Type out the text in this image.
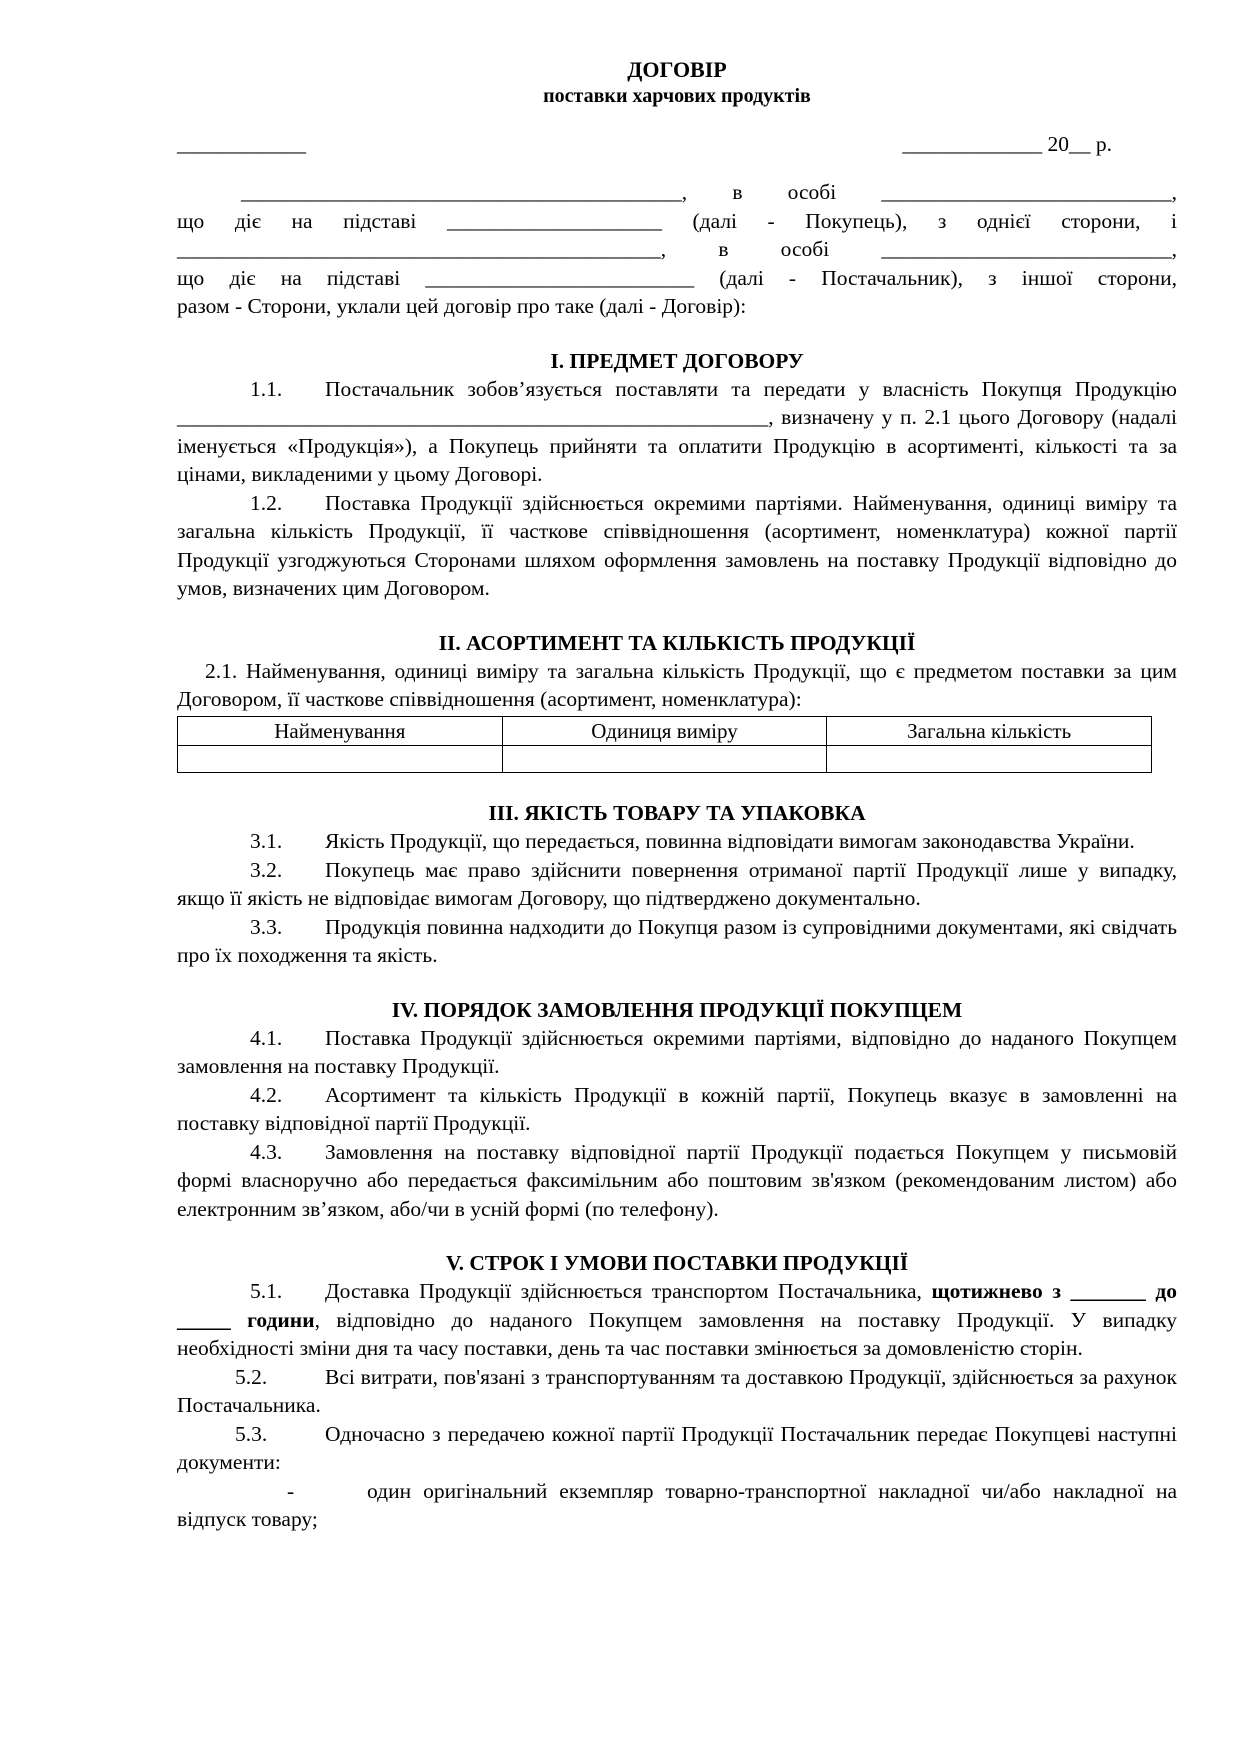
ДОГОВІР
поставки харчових продуктів
____________	_____________ 20__ р.
_________________________________________, в особі ___________________________,
що діє на підставі ____________________ (далі - Покупець), з однієї сторони, і
_____________________________________________, в особі ___________________________,
що діє на підставі _________________________ (далі - Постачальник), з іншої сторони,
разом - Сторони, уклали цей договір про таке (далі - Договір):
I. ПРЕДМЕТ ДОГОВОРУ
1.1. Постачальник зобов’язується поставляти та передати у власність Покупця Продукцію _______________________________________________________, визначену у п. 2.1 цього Договору (надалі іменується «Продукція»), а Покупець прийняти та оплатити Продукцію в асортименті, кількості та за цінами, викладеними у цьому Договорі.
1.2. Поставка Продукції здійснюється окремими партіями. Найменування, одиниці виміру та загальна кількість Продукції, її часткове співвідношення (асортимент, номенклатура) кожної партії Продукції узгоджуються Сторонами шляхом оформлення замовлень на поставку Продукції відповідно до умов, визначених цим Договором.
II. АСОРТИМЕНТ ТА КІЛЬКІСТЬ ПРОДУКЦІЇ
2.1. Найменування, одиниці виміру та загальна кількість Продукції, що є предметом поставки за цим Договором, її часткове співвідношення (асортимент, номенклатура):
Найменування	Одиниця виміру	Загальна кількість

III. ЯКІСТЬ ТОВАРУ ТА УПАКОВКА
3.1. Якість Продукції, що передається, повинна відповідати вимогам законодавства України.
3.2. Покупець має право здійснити повернення отриманої партії Продукції лише у випадку, якщо її якість не відповідає вимогам Договору, що підтверджено документально.
3.3. Продукція повинна надходити до Покупця разом із супровідними документами, які свідчать про їх походження та якість.
IV. ПОРЯДОК ЗАМОВЛЕННЯ ПРОДУКЦІЇ ПОКУПЦЕМ
4.1. Поставка Продукції здійснюється окремими партіями, відповідно до наданого Покупцем замовлення на поставку Продукції.
4.2. Асортимент та кількість Продукції в кожній партії, Покупець вказує в замовленні на поставку відповідної партії Продукції.
4.3. Замовлення на поставку відповідної партії Продукції подається Покупцем у письмовій формі власноручно або передається факсимільним або поштовим зв'язком (рекомендованим листом) або електронним зв’язком, або/чи в усній формі (по телефону).
V. СТРОК І УМОВИ ПОСТАВКИ ПРОДУКЦІЇ
5.1. Доставка Продукції здійснюється транспортом Постачальника, щотижнево з _______ до _____ години, відповідно до наданого Покупцем замовлення на поставку Продукції. У випадку необхідності зміни дня та часу поставки, день та час поставки змінюється за домовленістю сторін.
5.2.	Всі витрати, пов'язані з транспортуванням та доставкою Продукції, здійснюється за рахунок Постачальника.
5.3.	Одночасно з передачею кожної партії Продукції Постачальник передає Покупцеві наступні документи:
-	один оригінальний екземпляр товарно-транспортної накладної чи/або накладної на відпуск товару;
